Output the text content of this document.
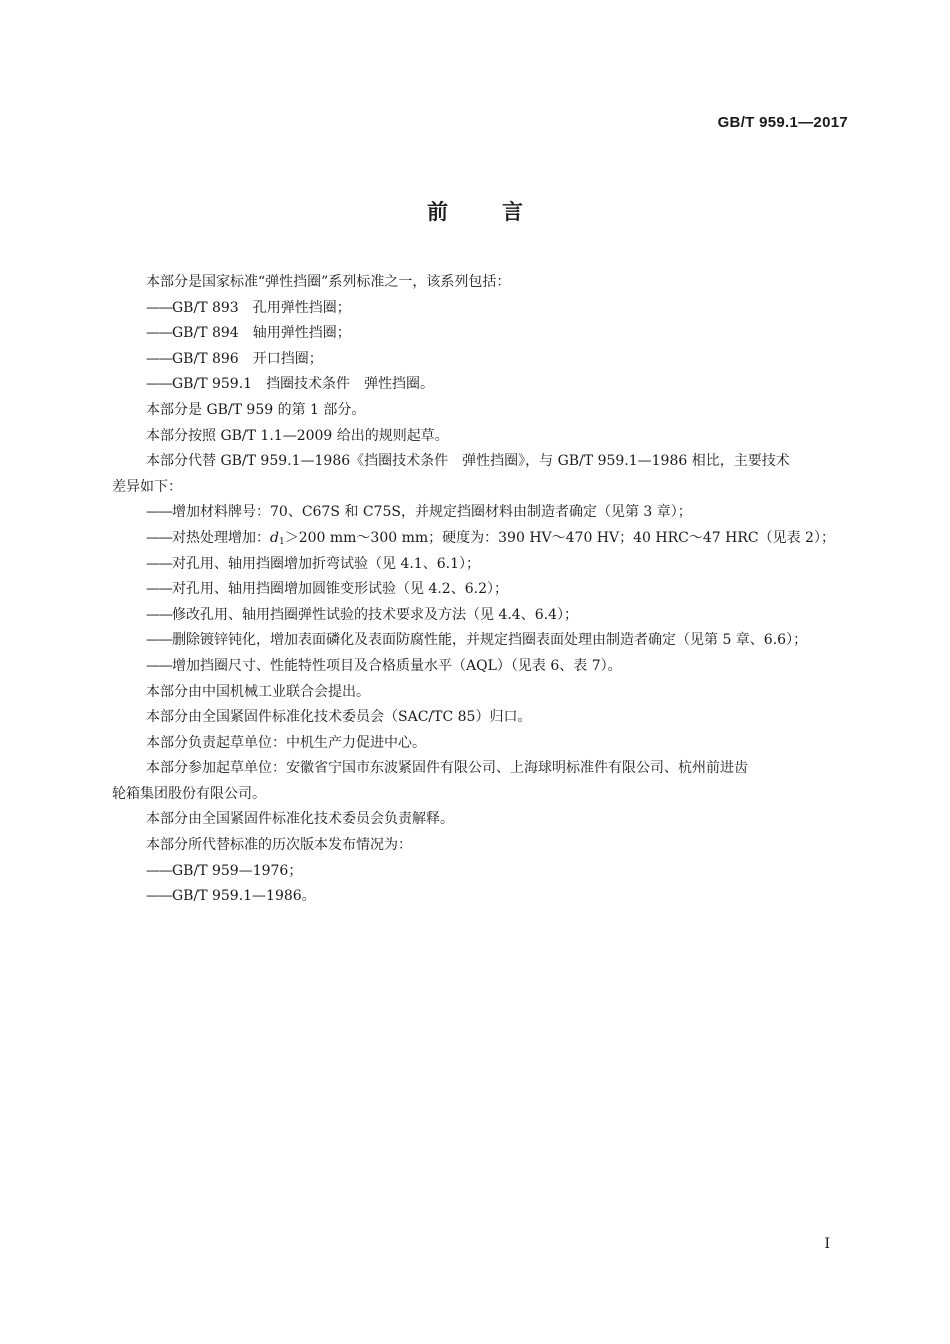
GB/T 959.1—2017
前	言

本部分是国家标准“弹性挡圈”系列标准之一，该系列包括：

——GB/T 893 孔用弹性挡圈；

——GB/T 894 轴用弹性挡圈；

——GB/T 896 开口挡圈；

——GB/T 959.1 挡圈技术条件 弹性挡圈。

本部分是 GB/T 959 的第 1 部分。

本部分按照 GB/T 1.1—2009 给出的规则起草。

本部分代替 GB/T 959.1—1986《挡圈技术条件 弹性挡圈》，与 GB/T 959.1—1986 相比，主要技术

差异如下：

——增加材料牌号：70、C67S 和 C75S，并规定挡圈材料由制造者确定（见第 3 章）；

——对热处理增加：$d_1>200$ mm～300 mm；硬度为：390 HV～470 HV；40 HRC～47 HRC（见表 2）；

——对孔用、轴用挡圈增加折弯试验（见 4.1、6.1）；

——对孔用、轴用挡圈增加圆锥变形试验（见 4.2、6.2）；

——修改孔用、轴用挡圈弹性试验的技术要求及方法（见 4.4、6.4）；

——删除镀锌钝化，增加表面磷化及表面防腐性能，并规定挡圈表面处理由制造者确定（见第 5 章、6.6）；

——增加挡圈尺寸、性能特性项目及合格质量水平（AQL）（见表 6、表 7）。

本部分由中国机械工业联合会提出。

本部分由全国紧固件标准化技术委员会（SAC/TC 85）归口。

本部分负责起草单位：中机生产力促进中心。

本部分参加起草单位：安徽省宁国市东波紧固件有限公司、上海球明标准件有限公司、杭州前进齿

轮箱集团股份有限公司。

本部分由全国紧固件标准化技术委员会负责解释。

本部分所代替标准的历次版本发布情况为：

——GB/T 959—1976；

——GB/T 959.1—1986。

I
